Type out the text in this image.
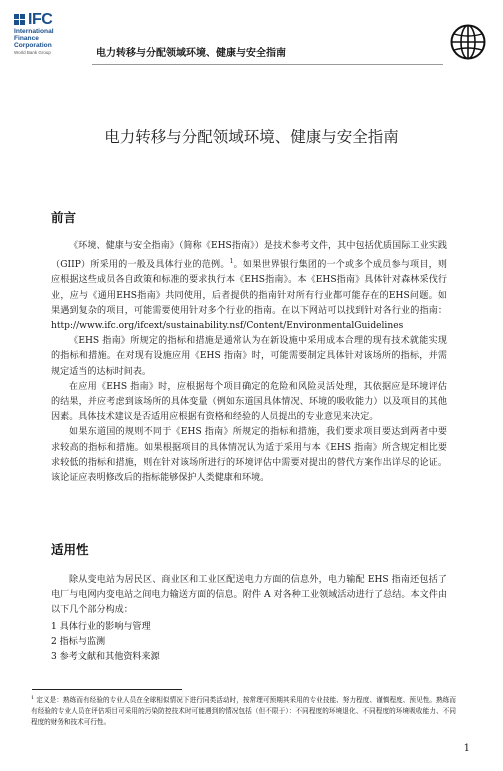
IFC
International
Finance
Corporation
World Bank Group	电力转移与分配领域环境、健康与安全指南
电力转移与分配领域环境、健康与安全指南
前言

《环境、健康与安全指南》（简称《EHS指南》）是技术参考文件，其中包括优质国际工业实践（GIIP）所采用的一般及具体行业的范例。$^1$。如果世界银行集团的一个或多个成员参与项目，则应根据这些成员各自政策和标准的要求执行本《EHS指南》。本《EHS指南》具体针对森林采伐行业，应与《通用EHS指南》共同使用，后者提供的指南针对所有行业都可能存在的EHS问题。如果遇到复杂的项目，可能需要使用针对多个行业的指南。在以下网站可以找到针对各行业的指南：http://www.ifc.org/ifcext/sustainability.nsf/Content/EnvironmentalGuidelines

《EHS 指南》所规定的指标和措施是通常认为在新设施中采用成本合理的现有技术就能实现的指标和措施。在对现有设施应用《EHS 指南》时，可能需要制定具体针对该场所的指标，并需规定适当的达标时间表。

在应用《EHS 指南》时，应根据每个项目确定的危险和风险灵活处理，其依据应是环境评估的结果，并应考虑到该场所的具体变量（例如东道国具体情况、环境的吸收能力）以及项目的其他因素。具体技术建议是否适用应根据有资格和经验的人员提出的专业意见来决定。

如果东道国的规则不同于《EHS 指南》所规定的指标和措施，我们要求项目要达到两者中要求较高的指标和措施。如果根据项目的具体情况认为适于采用与本《EHS 指南》所含规定相比要求较低的指标和措施，则在针对该场所进行的环境评估中需要对提出的替代方案作出详尽的论证。该论证应表明修改后的指标能够保护人类健康和环境。

适用性

除从变电站为居民区、商业区和工业区配送电力方面的信息外，电力输配 EHS 指南还包括了电厂与电网内变电站之间电力输送方面的信息。附件 A 对各种工业领域活动进行了总结。本文件由以下几个部分构成：

1 具体行业的影响与管理
2 指标与监测
3 参考文献和其他资料来源
$^1$ 定义是：熟练而有经验的专业人员在全球相似情况下进行同类活动时，按常理可预期其采用的专业技能、努力程度、谨慎程度、预见性。熟练而有经验的专业人员在评估项目可采用的污染防控技术时可能遇到的情况包括（但不限于）：不同程度的环境退化、不同程度的环境吸收能力、不同程度的财务和技术可行性。
1
